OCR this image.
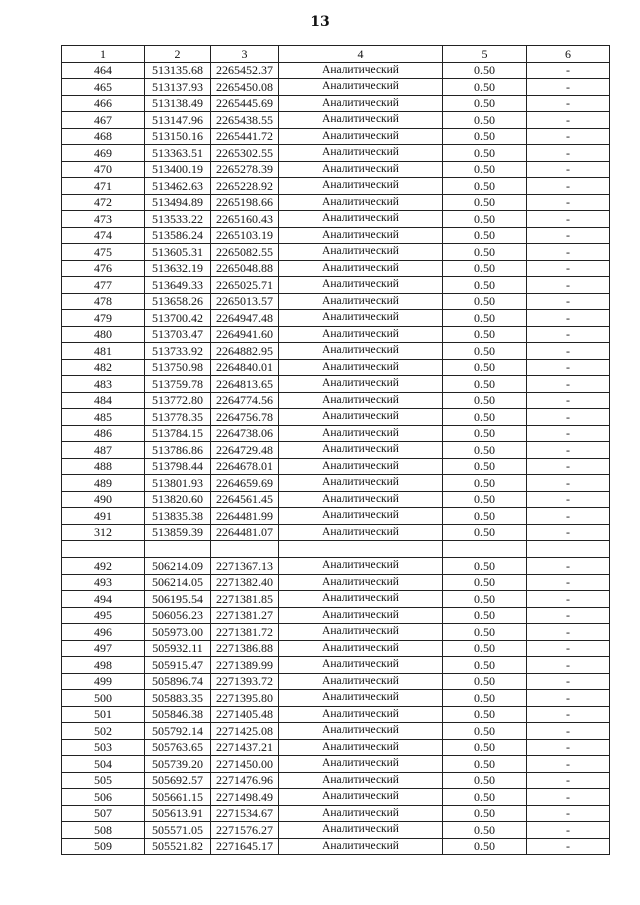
13
1	2	3	4	5	6
464	513135.68	2265452.37	Аналитический	0.50	-
465	513137.93	2265450.08	Аналитический	0.50	-
466	513138.49	2265445.69	Аналитический	0.50	-
467	513147.96	2265438.55	Аналитический	0.50	-
468	513150.16	2265441.72	Аналитический	0.50	-
469	513363.51	2265302.55	Аналитический	0.50	-
470	513400.19	2265278.39	Аналитический	0.50	-
471	513462.63	2265228.92	Аналитический	0.50	-
472	513494.89	2265198.66	Аналитический	0.50	-
473	513533.22	2265160.43	Аналитический	0.50	-
474	513586.24	2265103.19	Аналитический	0.50	-
475	513605.31	2265082.55	Аналитический	0.50	-
476	513632.19	2265048.88	Аналитический	0.50	-
477	513649.33	2265025.71	Аналитический	0.50	-
478	513658.26	2265013.57	Аналитический	0.50	-
479	513700.42	2264947.48	Аналитический	0.50	-
480	513703.47	2264941.60	Аналитический	0.50	-
481	513733.92	2264882.95	Аналитический	0.50	-
482	513750.98	2264840.01	Аналитический	0.50	-
483	513759.78	2264813.65	Аналитический	0.50	-
484	513772.80	2264774.56	Аналитический	0.50	-
485	513778.35	2264756.78	Аналитический	0.50	-
486	513784.15	2264738.06	Аналитический	0.50	-
487	513786.86	2264729.48	Аналитический	0.50	-
488	513798.44	2264678.01	Аналитический	0.50	-
489	513801.93	2264659.69	Аналитический	0.50	-
490	513820.60	2264561.45	Аналитический	0.50	-
491	513835.38	2264481.99	Аналитический	0.50	-
312	513859.39	2264481.07	Аналитический	0.50	-

492	506214.09	2271367.13	Аналитический	0.50	-
493	506214.05	2271382.40	Аналитический	0.50	-
494	506195.54	2271381.85	Аналитический	0.50	-
495	506056.23	2271381.27	Аналитический	0.50	-
496	505973.00	2271381.72	Аналитический	0.50	-
497	505932.11	2271386.88	Аналитический	0.50	-
498	505915.47	2271389.99	Аналитический	0.50	-
499	505896.74	2271393.72	Аналитический	0.50	-
500	505883.35	2271395.80	Аналитический	0.50	-
501	505846.38	2271405.48	Аналитический	0.50	-
502	505792.14	2271425.08	Аналитический	0.50	-
503	505763.65	2271437.21	Аналитический	0.50	-
504	505739.20	2271450.00	Аналитический	0.50	-
505	505692.57	2271476.96	Аналитический	0.50	-
506	505661.15	2271498.49	Аналитический	0.50	-
507	505613.91	2271534.67	Аналитический	0.50	-
508	505571.05	2271576.27	Аналитический	0.50	-
509	505521.82	2271645.17	Аналитический	0.50	-
